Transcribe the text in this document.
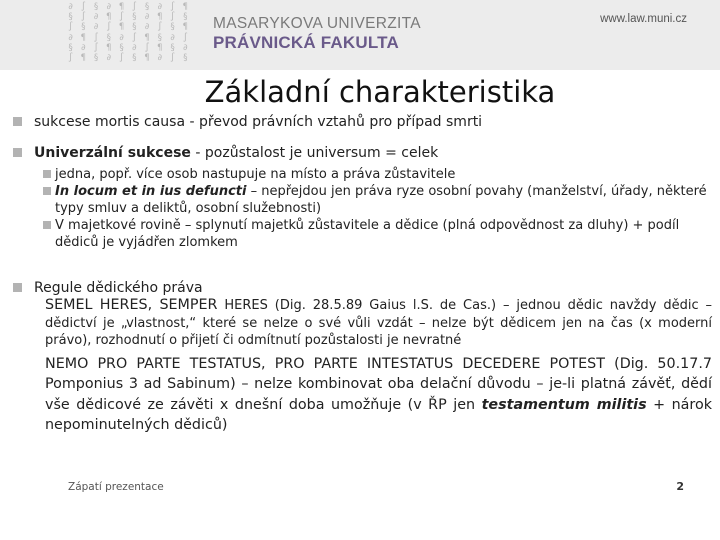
∂ ∫ § ∂ ¶ ∫ § ∂ ∫
§ ∫ ∂ ¶ ∫ § ∂ ¶ ∫
∫ § ∂ ∫ ¶ § ∂ ∫ §
∂ ¶ ∫ § ∂ ∫ ¶ § ∂
§ ∂ ∫ ¶ § ∂ ∫ ¶ §
∫ ¶ § ∂ ∫ § ¶ ∂ ∫
MASARYKOVA UNIVERZITA
PRÁVNICKÁ FAKULTA
www.law.muni.cz
Základní charakteristika

sukcese mortis causa - převod právních vztahů pro případ smrti

Univerzální sukcese - pozůstalost je universum = celek

jedna, popř. více osob nastupuje na místo a práva zůstavitele

In locum et in ius defuncti – nepřejdou jen práva ryze osobní povahy (manželství, úřady, některé typy smluv a deliktů, osobní služebnosti)

V majetkové rovině – splynutí majetků zůstavitele a dědice (plná odpovědnost za dluhy) + podíl dědiců je vyjádřen zlomkem

Regule dědického práva

SEMEL HERES, SEMPER HERES (Dig. 28.5.89 Gaius l.S. de Cas.) – jednou dědic navždy dědic – dědictví je „vlastnost,“ které se nelze o své vůli vzdát – nelze být dědicem jen na čas (x moderní právo), rozhodnutí o přijetí či odmítnutí pozůstalosti je nevratné

NEMO PRO PARTE TESTATUS, PRO PARTE INTESTATUS DECEDERE POTEST (Dig. 50.17.7 Pomponius 3 ad Sabinum) – nelze kombinovat oba delační důvodu – je-li platná závěť, dědí vše dědicové ze závěti x dnešní doba umožňuje (v ŘP jen testamentum militis + nárok nepominutelných dědiců)

Zápatí prezentace	2
